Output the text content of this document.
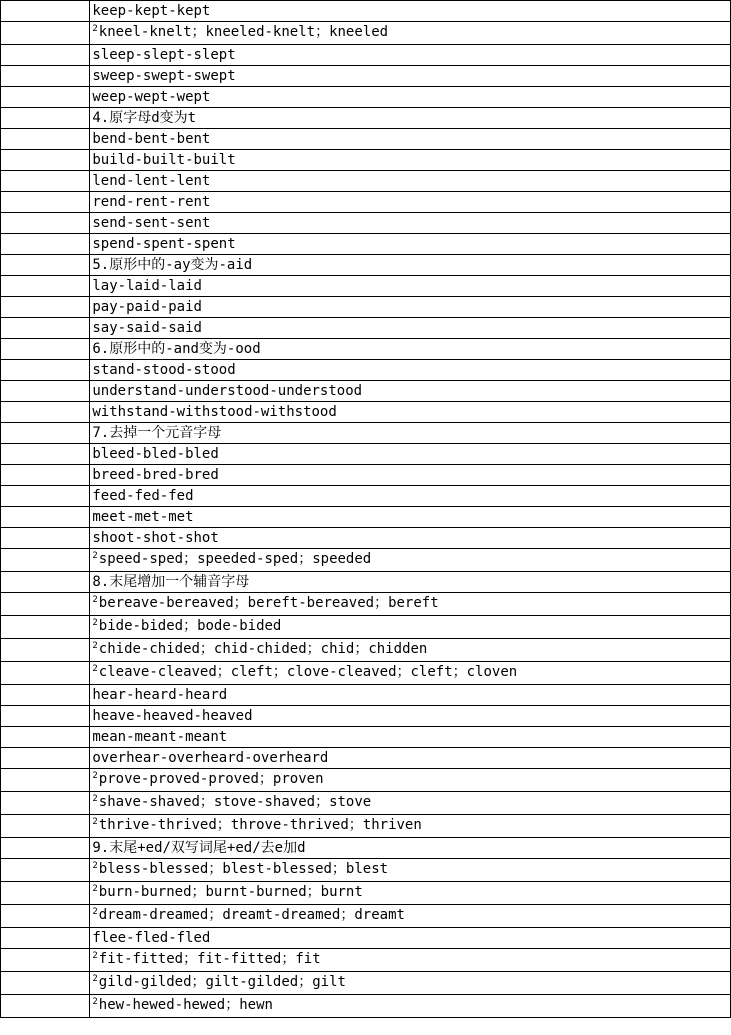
	keep-kept-kept
	$^2$kneel-knelt；kneeled-knelt；kneeled
	sleep-slept-slept
	sweep-swept-swept
	weep-wept-wept
	4.原字母d变为t
	bend-bent-bent
	build-built-built
	lend-lent-lent
	rend-rent-rent
	send-sent-sent
	spend-spent-spent
	5.原形中的-ay变为-aid
	lay-laid-laid
	pay-paid-paid
	say-said-said
	6.原形中的-and变为-ood
	stand-stood-stood
	understand-understood-understood
	withstand-withstood-withstood
	7.去掉一个元音字母
	bleed-bled-bled
	breed-bred-bred
	feed-fed-fed
	meet-met-met
	shoot-shot-shot
	$^2$speed-sped；speeded-sped；speeded
	8.末尾增加一个辅音字母
	$^2$bereave-bereaved；bereft-bereaved；bereft
	$^2$bide-bided；bode-bided
	$^2$chide-chided；chid-chided；chid；chidden
	$^2$cleave-cleaved；cleft；clove-cleaved；cleft；cloven
	hear-heard-heard
	heave-heaved-heaved
	mean-meant-meant
	overhear-overheard-overheard
	$^2$prove-proved-proved；proven
	$^2$shave-shaved；stove-shaved；stove
	$^2$thrive-thrived；throve-thrived；thriven
	9.末尾+ed/双写词尾+ed/去e加d
	$^2$bless-blessed；blest-blessed；blest
	$^2$burn-burned；burnt-burned；burnt
	$^2$dream-dreamed；dreamt-dreamed；dreamt
	flee-fled-fled
	$^2$fit-fitted；fit-fitted；fit
	$^2$gild-gilded；gilt-gilded；gilt
	$^2$hew-hewed-hewed；hewn
